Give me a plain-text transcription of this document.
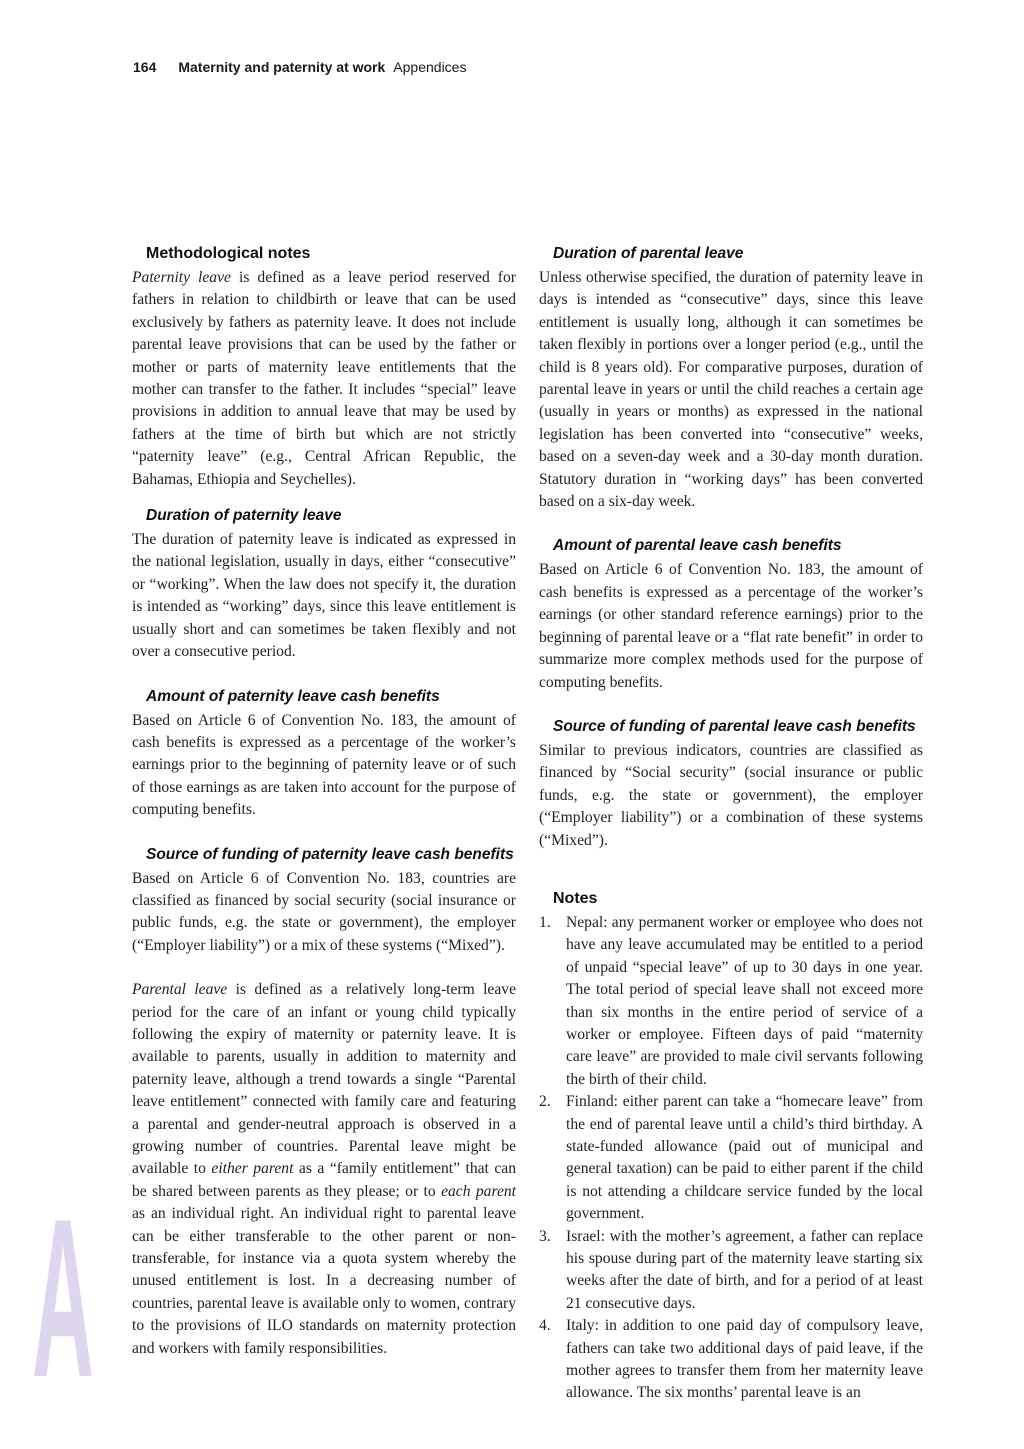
164 Maternity and paternity at work Appendices
Methodological notes

Paternity leave is defined as a leave period reserved for fathers in relation to childbirth or leave that can be used exclusively by fathers as paternity leave. It does not include parental leave provisions that can be used by the father or mother or parts of maternity leave entitlements that the mother can transfer to the father. It includes “special” leave provisions in addition to annual leave that may be used by fathers at the time of birth but which are not strictly “paternity leave” (e.g., Central African Republic, the Bahamas, Ethiopia and Seychelles).

Duration of paternity leave

The duration of paternity leave is indicated as expressed in the national legislation, usually in days, either “consecutive” or “working”. When the law does not specify it, the duration is intended as “working” days, since this leave entitlement is usually short and can sometimes be taken flexibly and not over a consecutive period.

Amount of paternity leave cash benefits

Based on Article 6 of Convention No. 183, the amount of cash benefits is expressed as a percentage of the worker’s earnings prior to the beginning of paternity leave or of such of those earnings as are taken into account for the purpose of computing benefits.

Source of funding of paternity leave cash benefits

Based on Article 6 of Convention No. 183, countries are classified as financed by social security (social insurance or public funds, e.g. the state or government), the employer (“Employer liability”) or a mix of these systems (“Mixed”).

Parental leave is defined as a relatively long-term leave period for the care of an infant or young child typically following the expiry of maternity or paternity leave. It is available to parents, usually in addition to maternity and paternity leave, although a trend towards a single “Parental leave entitlement” connected with family care and featuring a parental and gender-neutral approach is observed in a growing number of countries. Parental leave might be available to either parent as a “family entitlement” that can be shared between parents as they please; or to each parent as an individual right. An individual right to parental leave can be either transferable to the other parent or non-transferable, for instance via a quota system whereby the unused entitlement is lost. In a decreasing number of countries, parental leave is available only to women, contrary to the provisions of ILO standards on maternity protection and workers with family responsibilities.

Duration of parental leave

Unless otherwise specified, the duration of paternity leave in days is intended as “consecutive” days, since this leave entitlement is usually long, although it can sometimes be taken flexibly in portions over a longer period (e.g., until the child is 8 years old). For comparative purposes, duration of parental leave in years or until the child reaches a certain age (usually in years or months) as expressed in the national legislation has been converted into “consecutive” weeks, based on a seven-day week and a 30-day month duration. Statutory duration in “working days” has been converted based on a six-day week.

Amount of parental leave cash benefits

Based on Article 6 of Convention No. 183, the amount of cash benefits is expressed as a percentage of the worker’s earnings (or other standard reference earnings) prior to the beginning of parental leave or a “flat rate benefit” in order to summarize more complex methods used for the purpose of computing benefits.

Source of funding of parental leave cash benefits

Similar to previous indicators, countries are classified as financed by “Social security” (social insurance or public funds, e.g. the state or government), the employer (“Employer liability”) or a combination of these systems (“Mixed”).

Notes
1. Nepal: any permanent worker or employee who does not have any leave accumulated may be entitled to a period of unpaid “special leave” of up to 30 days in one year. The total period of special leave shall not exceed more than six months in the entire period of service of a worker or employee. Fifteen days of paid “maternity care leave” are provided to male civil servants following the birth of their child.
2. Finland: either parent can take a “homecare leave” from the end of parental leave until a child’s third birthday. A state-funded allowance (paid out of municipal and general taxation) can be paid to either parent if the child is not attending a childcare service funded by the local government.
3. Israel: with the mother’s agreement, a father can replace his spouse during part of the maternity leave starting six weeks after the date of birth, and for a period of at least 21 consecutive days.
4. Italy: in addition to one paid day of compulsory leave, fathers can take two additional days of paid leave, if the mother agrees to transfer them from her maternity leave allowance. The six months’ parental leave is an
A
